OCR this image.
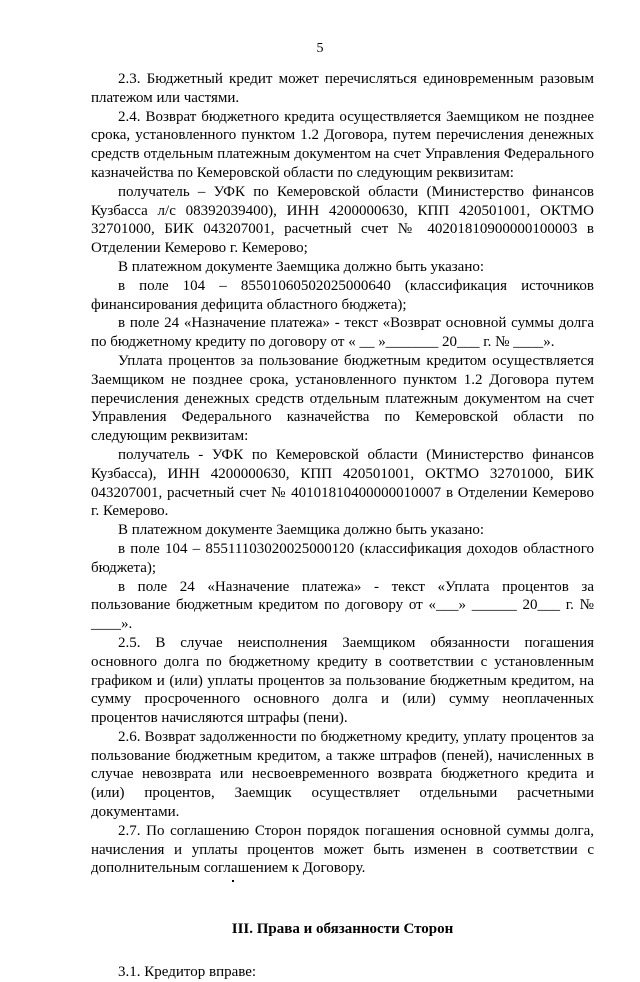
5

2.3. Бюджетный кредит может перечисляться единовременным разовым платежом или частями.

2.4. Возврат бюджетного кредита осуществляется Заемщиком не позднее срока, установленного пунктом 1.2 Договора, путем перечисления денежных средств отдельным платежным документом на счет Управления Федерального казначейства по Кемеровской области по следующим реквизитам:

получатель – УФК по Кемеровской области (Министерство финансов Кузбасса л/с 08392039400), ИНН 4200000630, КПП 420501001, ОКТМО 32701000, БИК 043207001, расчетный счет № 40201810900000100003 в Отделении Кемерово г. Кемерово;

В платежном документе Заемщика должно быть указано:

в поле 104 – 85501060502025000640 (классификация источников финансирования дефицита областного бюджета);

в поле 24 «Назначение платежа» - текст «Возврат основной суммы долга по бюджетному кредиту по договору от « __ »_______ 20___ г. № ____».

Уплата процентов за пользование бюджетным кредитом осуществляется Заемщиком не позднее срока, установленного пунктом 1.2 Договора путем перечисления денежных средств отдельным платежным документом на счет Управления Федерального казначейства по Кемеровской области по следующим реквизитам:

получатель - УФК по Кемеровской области (Министерство финансов Кузбасса), ИНН 4200000630, КПП 420501001, ОКТМО 32701000, БИК 043207001, расчетный счет № 40101810400000010007 в Отделении Кемерово г. Кемерово.

В платежном документе Заемщика должно быть указано:

в поле 104 – 85511103020025000120 (классификация доходов областного бюджета);

в поле 24 «Назначение платежа» - текст «Уплата процентов за пользование бюджетным кредитом по договору от «___» ______ 20___ г. № ____».

2.5. В случае неисполнения Заемщиком обязанности погашения основного долга по бюджетному кредиту в соответствии с установленным графиком и (или) уплаты процентов за пользование бюджетным кредитом, на сумму просроченного основного долга и (или) сумму неоплаченных процентов начисляются штрафы (пени).

2.6. Возврат задолженности по бюджетному кредиту, уплату процентов за пользование бюджетным кредитом, а также штрафов (пеней), начисленных в случае невозврата или несвоевременного возврата бюджетного кредита и (или) процентов, Заемщик осуществляет отдельными расчетными документами.

2.7. По соглашению Сторон порядок погашения основной суммы долга, начисления и уплаты процентов может быть изменен в соответствии с дополнительным соглашением к Договору.

III. Права и обязанности Сторон

3.1. Кредитор вправе:
